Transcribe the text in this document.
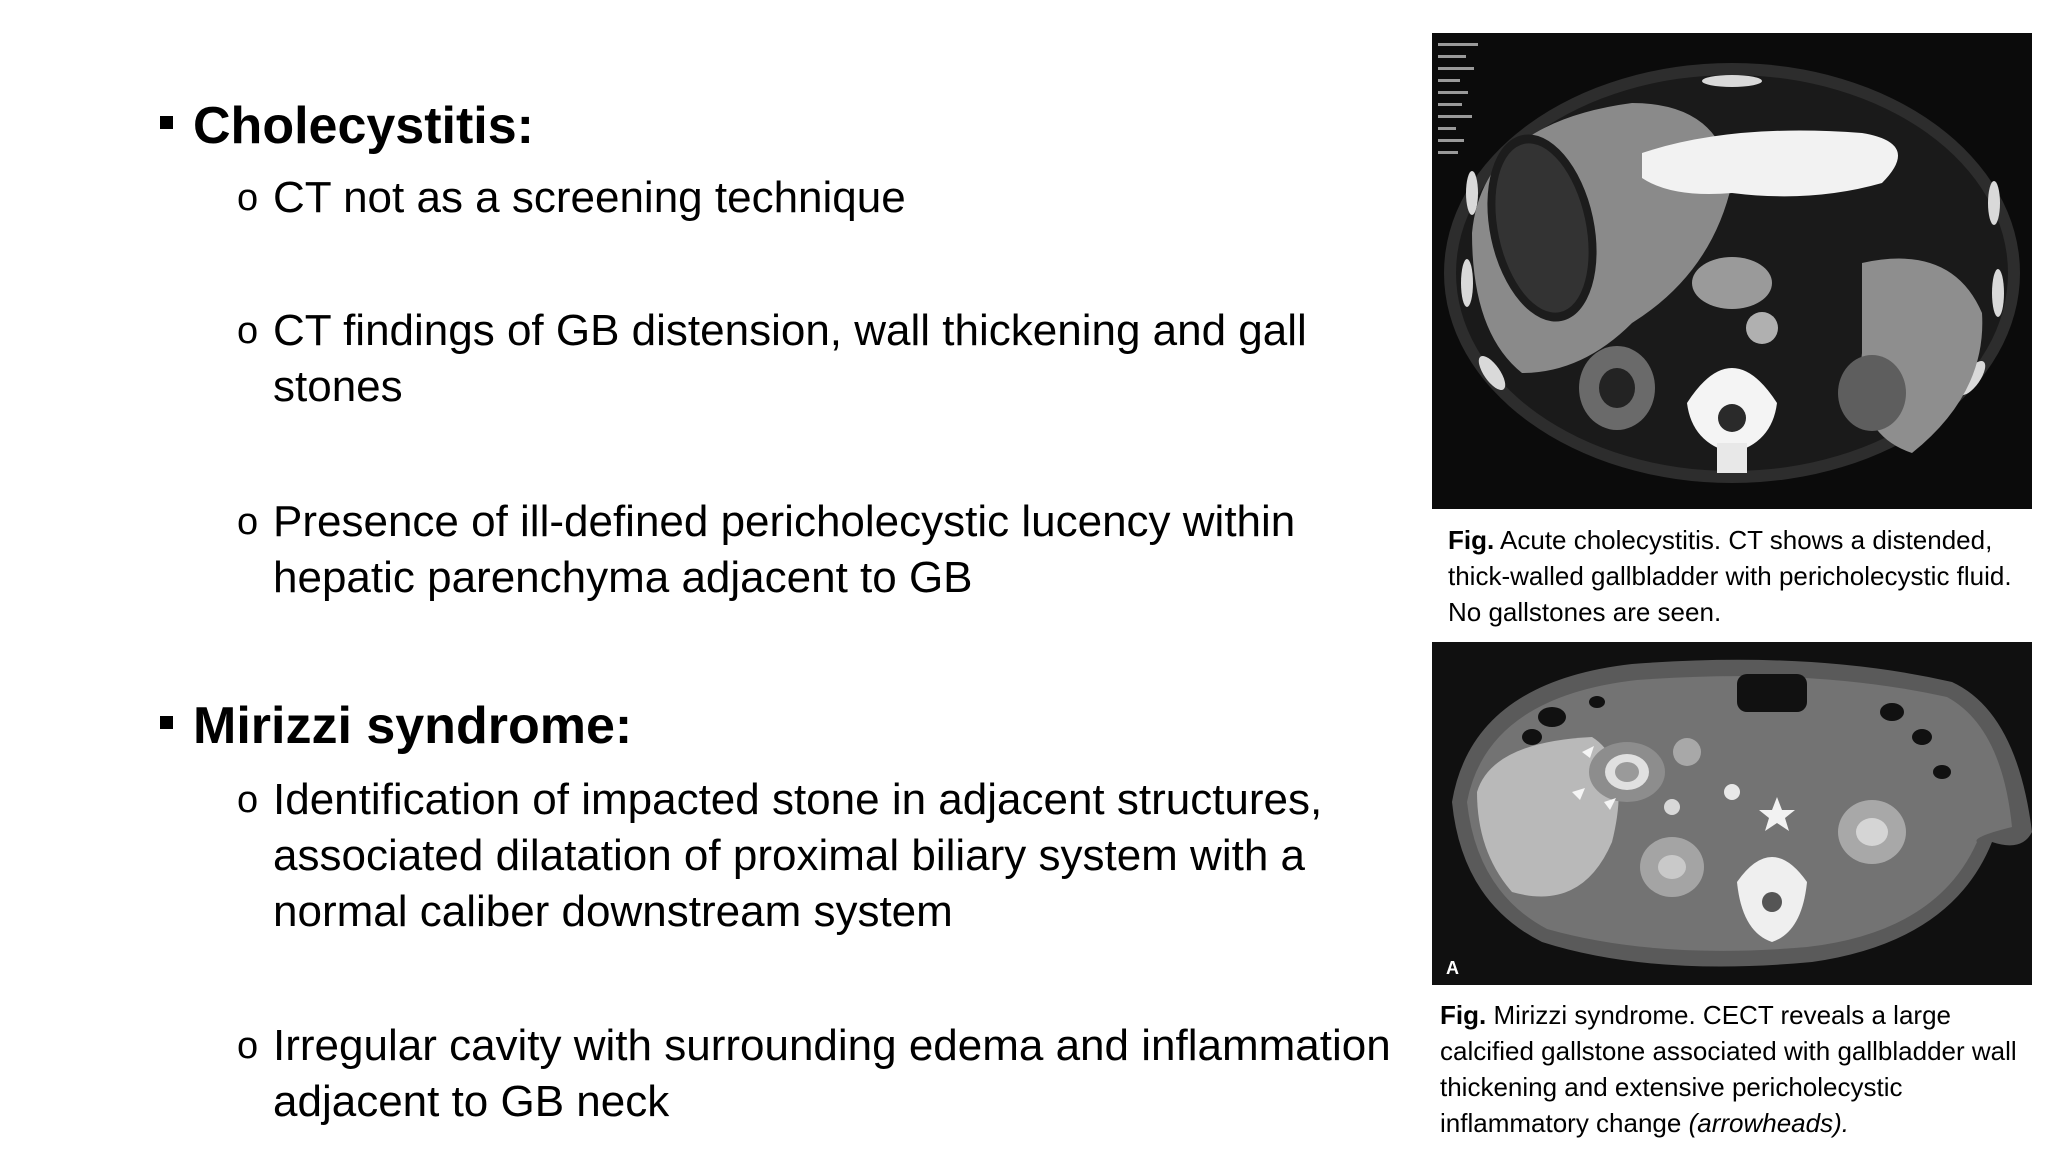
Cholecystitis:
o CT not as a screening technique
o CT findings of GB distension, wall thickening and gall stones
o Presence of ill-defined pericholecystic lucency within hepatic parenchyma adjacent to GB
Mirizzi syndrome:
o Identification of impacted stone in adjacent structures, associated dilatation of proximal biliary system with a normal caliber downstream system
o Irregular cavity with surrounding edema and inflammation adjacent to GB neck
Fig. Acute cholecystitis. CT shows a distended, thick-walled gallbladder with pericholecystic fluid. No gallstones are seen.
A
Fig. Mirizzi syndrome. CECT reveals a large calcified gallstone associated with gallbladder wall thickening and extensive pericholecystic inflammatory change (arrowheads).
